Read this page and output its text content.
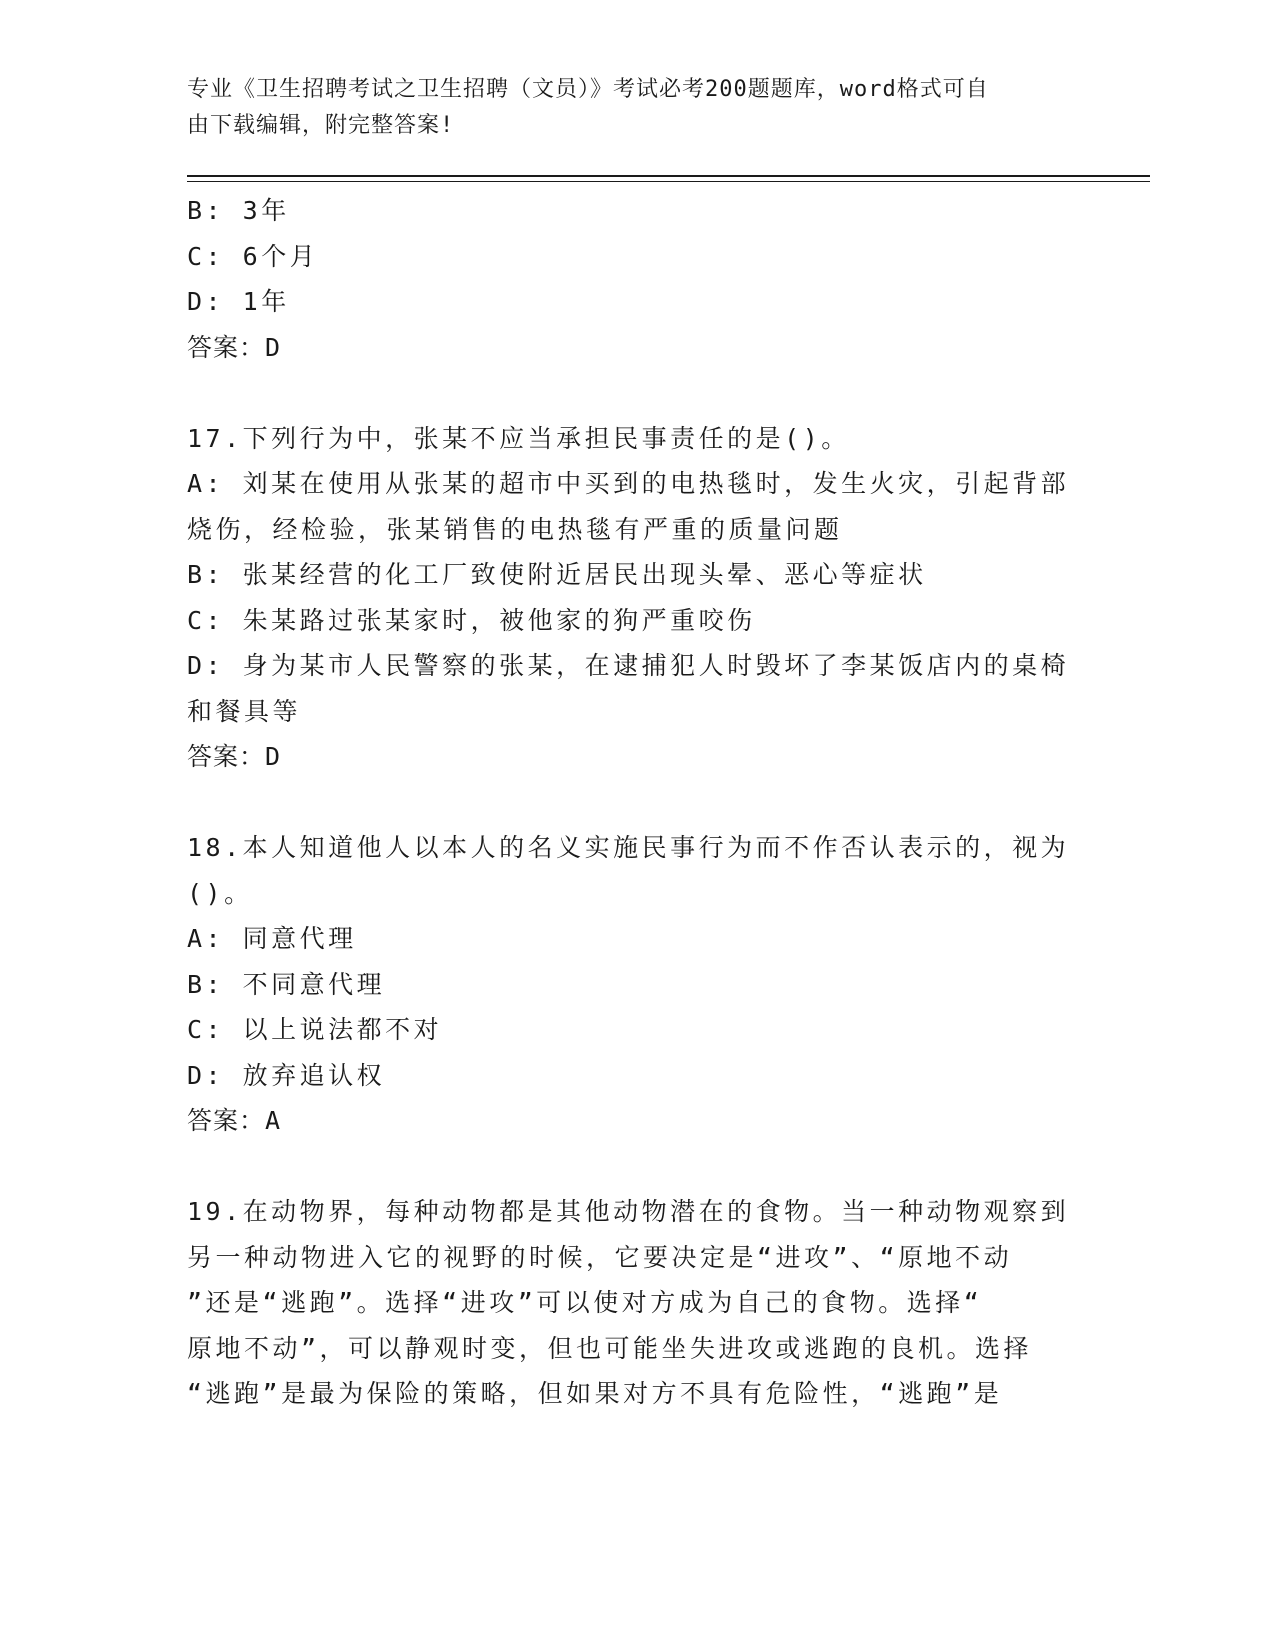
专业《卫生招聘考试之卫生招聘（文员）》考试必考200题题库，word格式可自
由下载编辑，附完整答案!
B: 3年
C: 6个月
D: 1年
答案：D
17.下列行为中，张某不应当承担民事责任的是()。
A: 刘某在使用从张某的超市中买到的电热毯时，发生火灾，引起背部
烧伤，经检验，张某销售的电热毯有严重的质量问题
B: 张某经营的化工厂致使附近居民出现头晕、恶心等症状
C: 朱某路过张某家时，被他家的狗严重咬伤
D: 身为某市人民警察的张某，在逮捕犯人时毁坏了李某饭店内的桌椅
和餐具等
答案：D
18.本人知道他人以本人的名义实施民事行为而不作否认表示的，视为
()。
A: 同意代理
B: 不同意代理
C: 以上说法都不对
D: 放弃追认权
答案：A
19.在动物界，每种动物都是其他动物潜在的食物。当一种动物观察到
另一种动物进入它的视野的时候，它要决定是“进攻”、“原地不动
”还是“逃跑”。选择“进攻”可以使对方成为自己的食物。选择“
原地不动”，可以静观时变，但也可能坐失进攻或逃跑的良机。选择
“逃跑”是最为保险的策略，但如果对方不具有危险性，“逃跑”是
